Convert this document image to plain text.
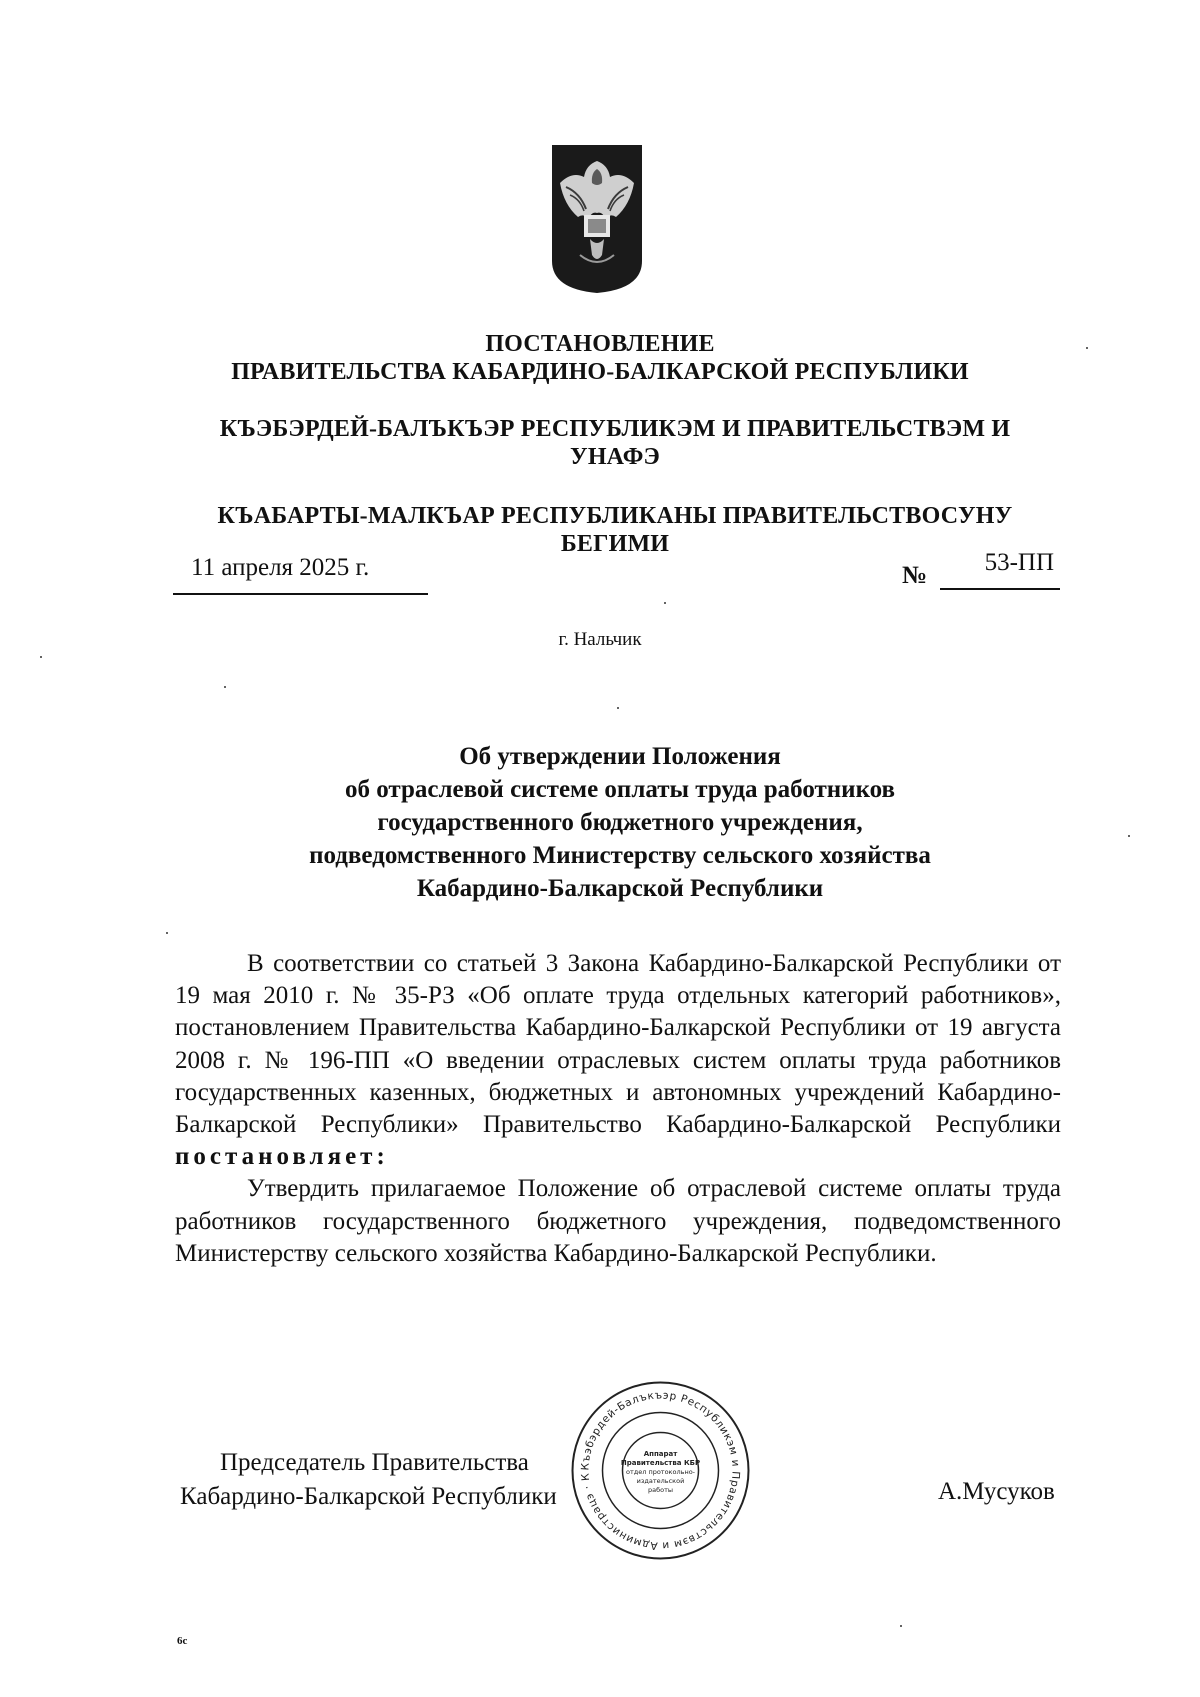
ПОСТАНОВЛЕНИЕ
ПРАВИТЕЛЬСТВА КАБАРДИНО-БАЛКАРСКОЙ РЕСПУБЛИКИ
КЪЭБЭРДЕЙ-БАЛЪКЪЭР РЕСПУБЛИКЭМ И ПРАВИТЕЛЬСТВЭМ И
УНАФЭ
КЪАБАРТЫ-МАЛКЪАР РЕСПУБЛИКАНЫ ПРАВИТЕЛЬСТВОСУНУ
БЕГИМИ
11 апреля 2025 г.	№	53-ПП
г. Нальчик
Об утверждении Положения
об отраслевой системе оплаты труда работников
государственного бюджетного учреждения,
подведомственного Министерству сельского хозяйства
Кабардино-Балкарской Республики

В соответствии со статьей 3 Закона Кабардино-Балкарской Республики от 19 мая 2010 г. № 35-РЗ «Об оплате труда отдельных категорий работников», постановлением Правительства Кабардино-Балкарской Республики от 19 августа 2008 г. № 196-ПП «О введении отраслевых систем оплаты труда работников государственных казенных, бюджетных и автономных учреждений Кабардино-Балкарской Республики» Правительство Кабардино-Балкарской Республики постановляет:

Утвердить прилагаемое Положение об отраслевой системе оплаты труда работников государственного бюджетного учреждения, подведомственного Министерству сельского хозяйства Кабардино-Балкарской Республики.

Къэбэрдей-Балъкъэр Республикэм и Правительствэм и Администрацэ · К
Аппарат
Правительства КБР
отдел протокольно-
издательской
работы
Председатель Правительства
Кабардино-Балкарской Республики	А.Мусуков
6с
